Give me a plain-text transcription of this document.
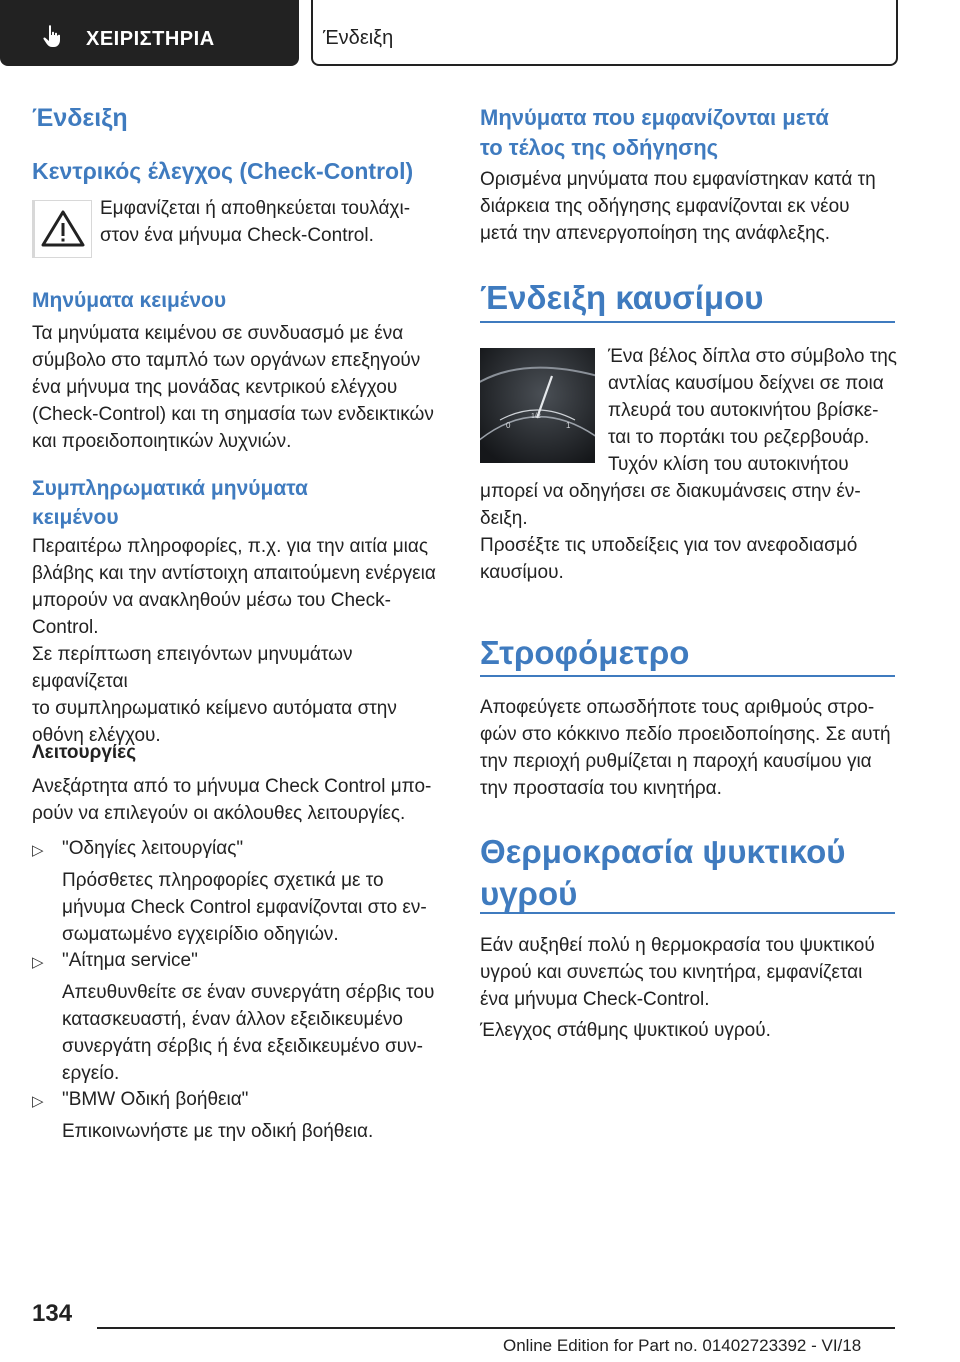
ΧΕΙΡΙΣΤΗΡΙΑ	Ένδειξη
Ένδειξη
Κεντρικός έλεγχος (Check-Control)

Εμφανίζεται ή αποθηκεύεται τουλάχι-

στον ένα μήνυμα Check-Control.

Μηνύματα κειμένου

Τα μηνύματα κειμένου σε συνδυασμό με ένα

σύμβολο στο ταμπλό των οργάνων επεξηγούν

ένα μήνυμα της μονάδας κεντρικού ελέγχου

(Check-Control) και τη σημασία των ενδεικτικών

και προειδοποιητικών λυχνιών.

Συμπληρωματικά μηνύματα
κειμένου

Περαιτέρω πληροφορίες, π.χ. για την αιτία μιας

βλάβης και την αντίστοιχη απαιτούμενη ενέργεια

μπορούν να ανακληθούν μέσω του Check-

Control.

Σε περίπτωση επειγόντων μηνυμάτων εμφανίζεται

το συμπληρωματικό κείμενο αυτόματα στην

οθόνη ελέγχου.

Λειτουργίες

Ανεξάρτητα από το μήνυμα Check Control μπο-

ρούν να επιλεγούν οι ακόλουθες λειτουργίες.

▷ "Οδηγίες λειτουργίας"

Πρόσθετες πληροφορίες σχετικά με το

μήνυμα Check Control εμφανίζονται στο εν-

σωματωμένο εγχειρίδιο οδηγιών.

▷ "Αίτημα service"

Απευθυνθείτε σε έναν συνεργάτη σέρβις του

κατασκευαστή, έναν άλλον εξειδικευμένο

συνεργάτη σέρβις ή ένα εξειδικευμένο συν-

εργείο.

▷ "BMW Οδική βοήθεια"

Επικοινωνήστε με την οδική βοήθεια.

Μηνύματα που εμφανίζονται μετά
το τέλος της οδήγησης

Ορισμένα μηνύματα που εμφανίστηκαν κατά τη

διάρκεια της οδήγησης εμφανίζονται εκ νέου

μετά την απενεργοποίηση της ανάφλεξης.

Ένδειξη καυσίμου
0
1/2
1

Ένα βέλος δίπλα στο σύμβολο της

αντλίας καυσίμου δείχνει σε ποια

πλευρά του αυτοκινήτου βρίσκε-

ται το πορτάκι του ρεζερβουάρ.

Τυχόν κλίση του αυτοκινήτου

μπορεί να οδηγήσει σε διακυμάνσεις στην έν-

δειξη.

Προσέξτε τις υποδείξεις για τον ανεφοδιασμό

καυσίμου.

Στροφόμετρο

Αποφεύγετε οπωσδήποτε τους αριθμούς στρο-

φών στο κόκκινο πεδίο προειδοποίησης. Σε αυτή

την περιοχή ρυθμίζεται η παροχή καυσίμου για

την προστασία του κινητήρα.

Θερμοκρασία ψυκτικού
υγρού

Εάν αυξηθεί πολύ η θερμοκρασία του ψυκτικού

υγρού και συνεπώς του κινητήρα, εμφανίζεται

ένα μήνυμα Check-Control.

Έλεγχος στάθμης ψυκτικού υγρού.

134
Online Edition for Part no. 01402723392 - VI/18
